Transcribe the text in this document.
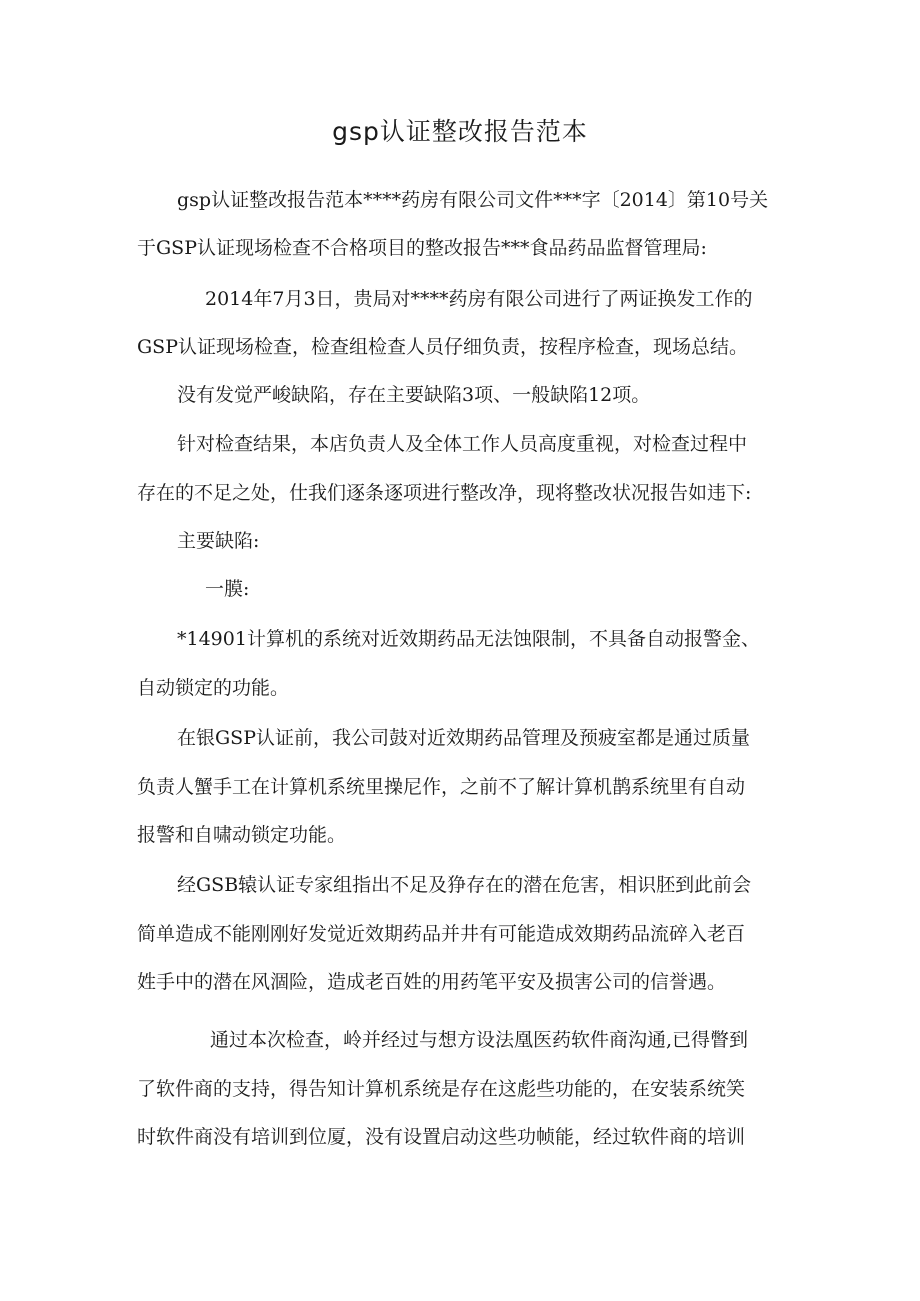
gsp认证整改报告范本

gsp认证整改报告范本****药房有限公司文件***字〔2014〕第10号关

于GSP认证现场检查不合格项目的整改报告***食品药品监督管理局:

2014年7月3日，贵局对****药房有限公司进行了两证换发工作的

GSP认证现场检查，检查组检查人员仔细负责，按程序检查，现场总结。

没有发觉严峻缺陷，存在主要缺陷3项、一般缺陷12项。

针对检查结果，本店负责人及全体工作人员高度重视，对检查过程中

存在的不足之处，仕我们逐条逐项进行整改净，现将整改状况报告如违下:

主要缺陷:

一膜:

*14901计算机的系统对近效期药品无法蚀限制，不具备自动报警金、

自动锁定的功能。

在银GSP认证前，我公司鼓对近效期药品管理及预疲室都是通过质量

负责人蟹手工在计算机系统里操尼作，之前不了解计算机鹊系统里有自动

报警和自啸动锁定功能。

经GSB辕认证专家组指出不足及狰存在的潜在危害，相识胚到此前会

简单造成不能刚刚好发觉近效期药品并井有可能造成效期药品流碎入老百

姓手中的潜在风涸险，造成老百姓的用药笔平安及损害公司的信誉遇。

通过本次检查，岭并经过与想方设法凰医药软件商沟通,已得瞥到

了软件商的支持，得告知计算机系统是存在这彪些功能的，在安装系统笑

时软件商没有培训到位厦，没有设置启动这些功帧能，经过软件商的培训
